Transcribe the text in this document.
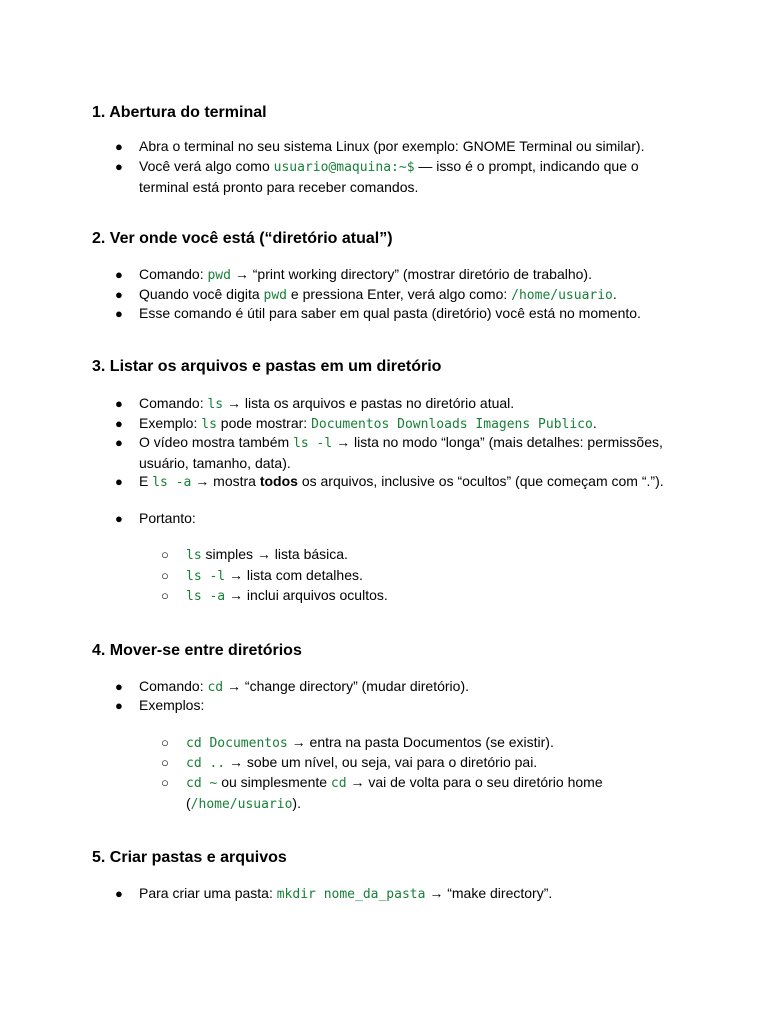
1. Abertura do terminal

● Abra o terminal no seu sistema Linux (por exemplo: GNOME Terminal ou similar).

● Você verá algo como usuario@maquina:~$ — isso é o prompt, indicando que o terminal está pronto para receber comandos.

2. Ver onde você está (“diretório atual”)

● Comando: pwd → “print working directory” (mostrar diretório de trabalho).

● Quando você digita pwd e pressiona Enter, verá algo como: /home/usuario.

● Esse comando é útil para saber em qual pasta (diretório) você está no momento.

3. Listar os arquivos e pastas em um diretório

● Comando: ls → lista os arquivos e pastas no diretório atual.

● Exemplo: ls pode mostrar: Documentos Downloads Imagens Publico.

● O vídeo mostra também ls -l → lista no modo “longa” (mais detalhes: permissões, usuário, tamanho, data).

● E ls -a → mostra todos os arquivos, inclusive os “ocultos” (que começam com “.”).

● Portanto:

○ ls simples → lista básica.

○ ls -l → lista com detalhes.

○ ls -a → inclui arquivos ocultos.

4. Mover-se entre diretórios

● Comando: cd → “change directory” (mudar diretório).

● Exemplos:

○ cd Documentos → entra na pasta Documentos (se existir).

○ cd .. → sobe um nível, ou seja, vai para o diretório pai.

○ cd ~ ou simplesmente cd → vai de volta para o seu diretório home (/home/usuario).

5. Criar pastas e arquivos

● Para criar uma pasta: mkdir nome_da_pasta → “make directory”.
